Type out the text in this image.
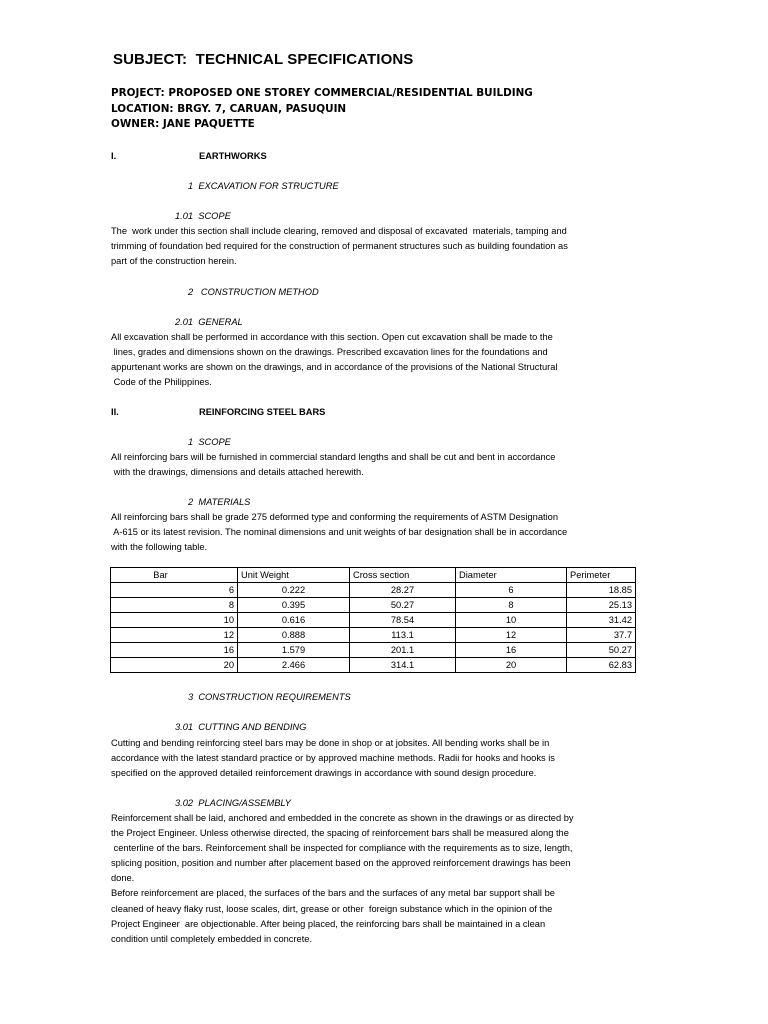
SUBJECT:  TECHNICAL SPECIFICATIONS
PROJECT: PROPOSED ONE STOREY COMMERCIAL/RESIDENTIAL BUILDING
LOCATION: BRGY. 7, CARUAN, PASUQUIN
OWNER: JANE PAQUETTE
I.	EARTHWORKS
1  EXCAVATION FOR STRUCTURE
1.01  SCOPE
The  work under this section shall include clearing, removed and disposal of excavated  materials, tamping and
trimming of foundation bed required for the construction of permanent structures such as building foundation as
part of the construction herein.
2   CONSTRUCTION METHOD
2.01  GENERAL
All excavation shall be performed in accordance with this section. Open cut excavation shall be made to the
lines, grades and dimensions shown on the drawings. Prescribed excavation lines for the foundations and
appurtenant works are shown on the drawings, and in accordance of the provisions of the National Structural
Code of the Philippines.
II.	REINFORCING STEEL BARS
1  SCOPE
All reinforcing bars will be furnished in commercial standard lengths and shall be cut and bent in accordance
with the drawings, dimensions and details attached herewith.
2  MATERIALS
All reinforcing bars shall be grade 275 deformed type and conforming the requirements of ASTM Designation
A-615 or its latest revision. The nominal dimensions and unit weights of bar designation shall be in accordance
with the following table.
Bar	Unit Weight	Cross section	Diameter	Perimeter
6	0.222	28.27	6	18.85
8	0.395	50.27	8	25.13
10	0.616	78.54	10	31.42
12	0.888	113.1	12	37.7
16	1.579	201.1	16	50.27
20	2.466	314.1	20	62.83
3  CONSTRUCTION REQUIREMENTS
3.01  CUTTING AND BENDING
Cutting and bending reinforcing steel bars may be done in shop or at jobsites. All bending works shall be in
accordance with the latest standard practice or by approved machine methods. Radii for hooks and hooks is
specified on the approved detailed reinforcement drawings in accordance with sound design procedure.
3.02  PLACING/ASSEMBLY
Reinforcement shall be laid, anchored and embedded in the concrete as shown in the drawings or as directed by
the Project Engineer. Unless otherwise directed, the spacing of reinforcement bars shall be measured along the
centerline of the bars. Reinforcement shall be inspected for compliance with the requirements as to size, length,
splicing position, position and number after placement based on the approved reinforcement drawings has been
done.
Before reinforcement are placed, the surfaces of the bars and the surfaces of any metal bar support shall be
cleaned of heavy flaky rust, loose scales, dirt, grease or other  foreign substance which in the opinion of the
Project Engineer  are objectionable. After being placed, the reinforcing bars shall be maintained in a clean
condition until completely embedded in concrete.
